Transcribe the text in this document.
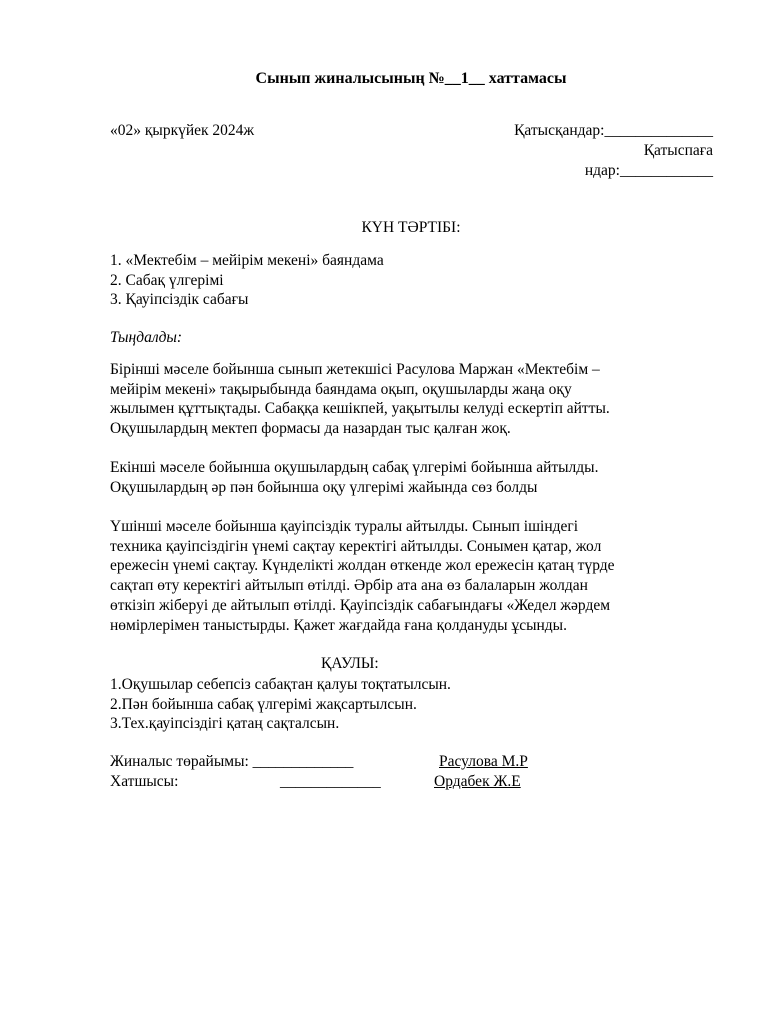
Сынып жиналысының №__1__ хаттамасы
«02» қыркүйек 2024ж	Қатысқандар:______________
Қатыспаға
ндар:____________
КҮН ТӘРТІБІ:
1. «Мектебім – мейірім мекені» баяндама
2. Сабақ үлгерімі
3. Қауіпсіздік сабағы
Тыңдалды:
Бірінші мәселе бойынша сынып жетекшісі Расулова Маржан «Мектебім –
мейірім мекені» тақырыбында баяндама оқып, оқушыларды жаңа оқу
жылымен құттықтады. Сабаққа кешікпей, уақытылы келуді ескертіп айтты.
Оқушылардың мектеп формасы да назардан тыс қалған жоқ.
Екінші мәселе бойынша оқушылардың сабақ үлгерімі бойынша айтылды.
Оқушылардың әр пән бойынша оқу үлгерімі жайында сөз болды
Үшінші мәселе бойынша қауіпсіздік туралы айтылды. Сынып ішіндегі
техника қауіпсіздігін үнемі сақтау керектігі айтылды. Сонымен қатар, жол
ережесін үнемі сақтау. Күнделікті жолдан өткенде жол ережесін қатаң түрде
сақтап өту керектігі айтылып өтілді. Әрбір ата ана өз балаларын жолдан
өткізіп жіберуі де айтылып өтілді. Қауіпсіздік сабағындағы «Жедел жәрдем
нөмірлерімен таныстырды. Қажет жағдайда ғана қолдануды ұсынды.
ҚАУЛЫ:
1.Оқушылар себепсіз сабақтан қалуы тоқтатылсын.
2.Пән бойынша сабақ үлгерімі жақсартылсын.
3.Тех.қауіпсіздігі қатаң сақталсын.
Жиналыс төрайымы: _____________	Расулова М.Р
Хатшысы:	_____________	Ордабек Ж.Е
